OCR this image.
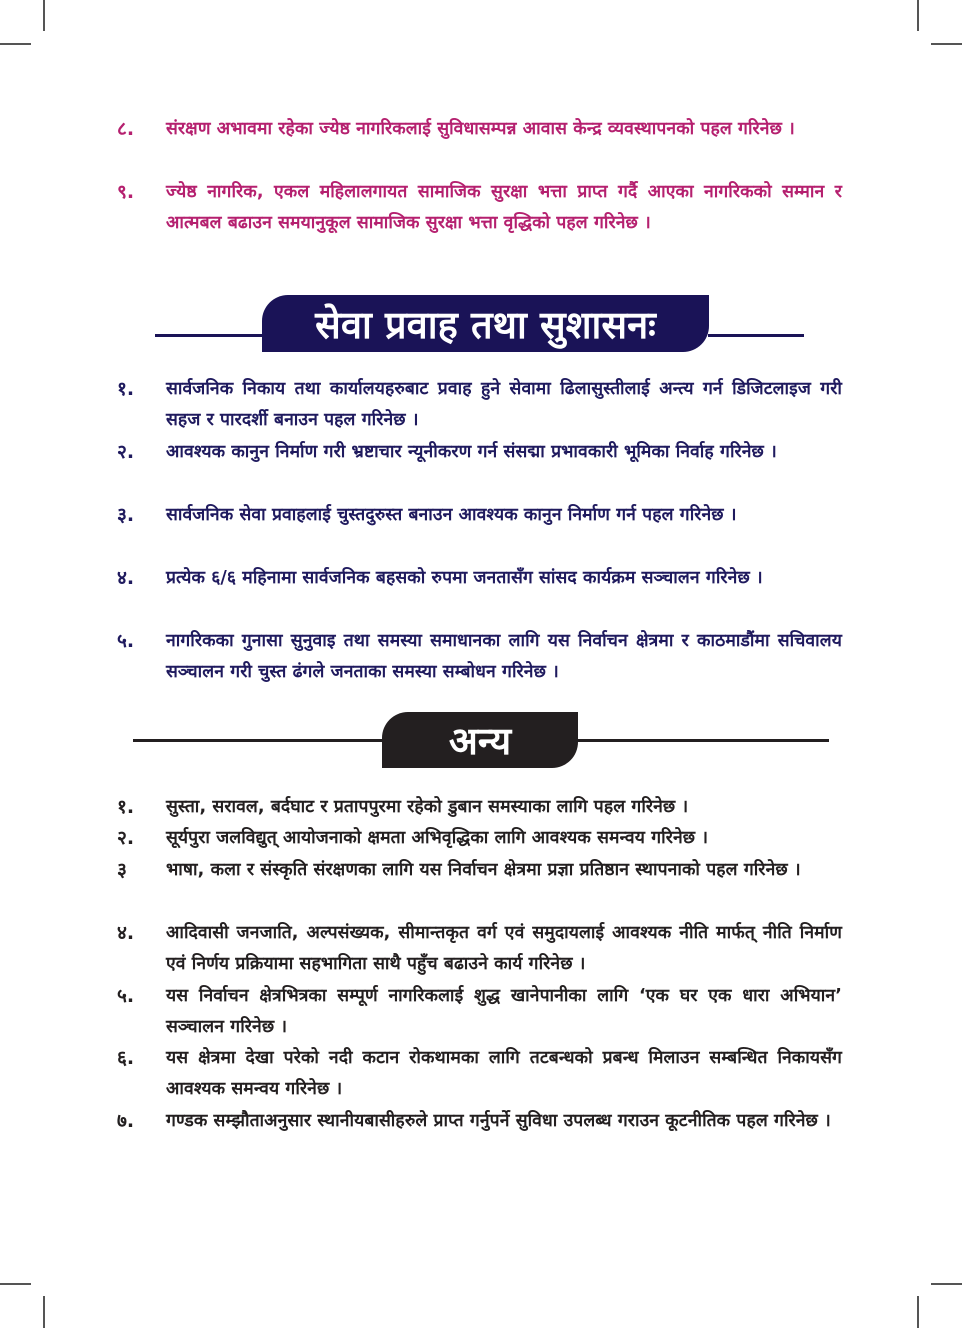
८. संरक्षण अभावमा रहेका ज्येष्ठ नागरिकलाई सुविधासम्पन्न आवास केन्द्र व्यवस्थापनको पहल गरिनेछ ।
९. ज्येष्ठ नागरिक, एकल महिलालगायत सामाजिक सुरक्षा भत्ता प्राप्त गर्दै आएका नागरिकको सम्मान र आत्मबल बढाउन समयानुकूल सामाजिक सुरक्षा भत्ता वृद्धिको पहल गरिनेछ ।
सेवा प्रवाह तथा सुशासनः
१. सार्वजनिक निकाय तथा कार्यालयहरुबाट प्रवाह हुने सेवामा ढिलासुस्तीलाई अन्त्य गर्न डिजिटलाइज गरी सहज र पारदर्शी बनाउन पहल गरिनेछ ।
२. आवश्यक कानुन निर्माण गरी भ्रष्टाचार न्यूनीकरण गर्न संसद्मा प्रभावकारी भूमिका निर्वाह गरिनेछ ।
३. सार्वजनिक सेवा प्रवाहलाई चुस्तदुरुस्त बनाउन आवश्यक कानुन निर्माण गर्न पहल गरिनेछ ।
४. प्रत्येक ६/६ महिनामा सार्वजनिक बहसको रुपमा जनतासँग सांसद कार्यक्रम सञ्चालन गरिनेछ ।
५. नागरिकका गुनासा सुनुवाइ तथा समस्या समाधानका लागि यस निर्वाचन क्षेत्रमा र काठमाडौंमा सचिवालय सञ्चालन गरी चुस्त ढंगले जनताका समस्या सम्बोधन गरिनेछ ।
अन्य
१. सुस्ता, सरावल, बर्दघाट र प्रतापपुरमा रहेको डुबान समस्याका लागि पहल गरिनेछ ।
२. सूर्यपुरा जलविद्युत् आयोजनाको क्षमता अभिवृद्धिका लागि आवश्यक समन्वय गरिनेछ ।
३ भाषा, कला र संस्कृति संरक्षणका लागि यस निर्वाचन क्षेत्रमा प्रज्ञा प्रतिष्ठान स्थापनाको पहल गरिनेछ ।
४. आदिवासी जनजाति, अल्पसंख्यक, सीमान्तकृत वर्ग एवं समुदायलाई आवश्यक नीति मार्फत् नीति निर्माण एवं निर्णय प्रक्रियामा सहभागिता साथै पहुँच बढाउने कार्य गरिनेछ ।
५. यस निर्वाचन क्षेत्रभित्रका सम्पूर्ण नागरिकलाई शुद्ध खानेपानीका लागि ‘एक घर एक धारा अभियान’ सञ्चालन गरिनेछ ।
६. यस क्षेत्रमा देखा परेको नदी कटान रोकथामका लागि तटबन्धको प्रबन्ध मिलाउन सम्बन्धित निकायसँग आवश्यक समन्वय गरिनेछ ।
७. गण्डक सम्झौताअनुसार स्थानीयबासीहरुले प्राप्त गर्नुपर्ने सुविधा उपलब्ध गराउन कूटनीतिक पहल गरिनेछ ।
